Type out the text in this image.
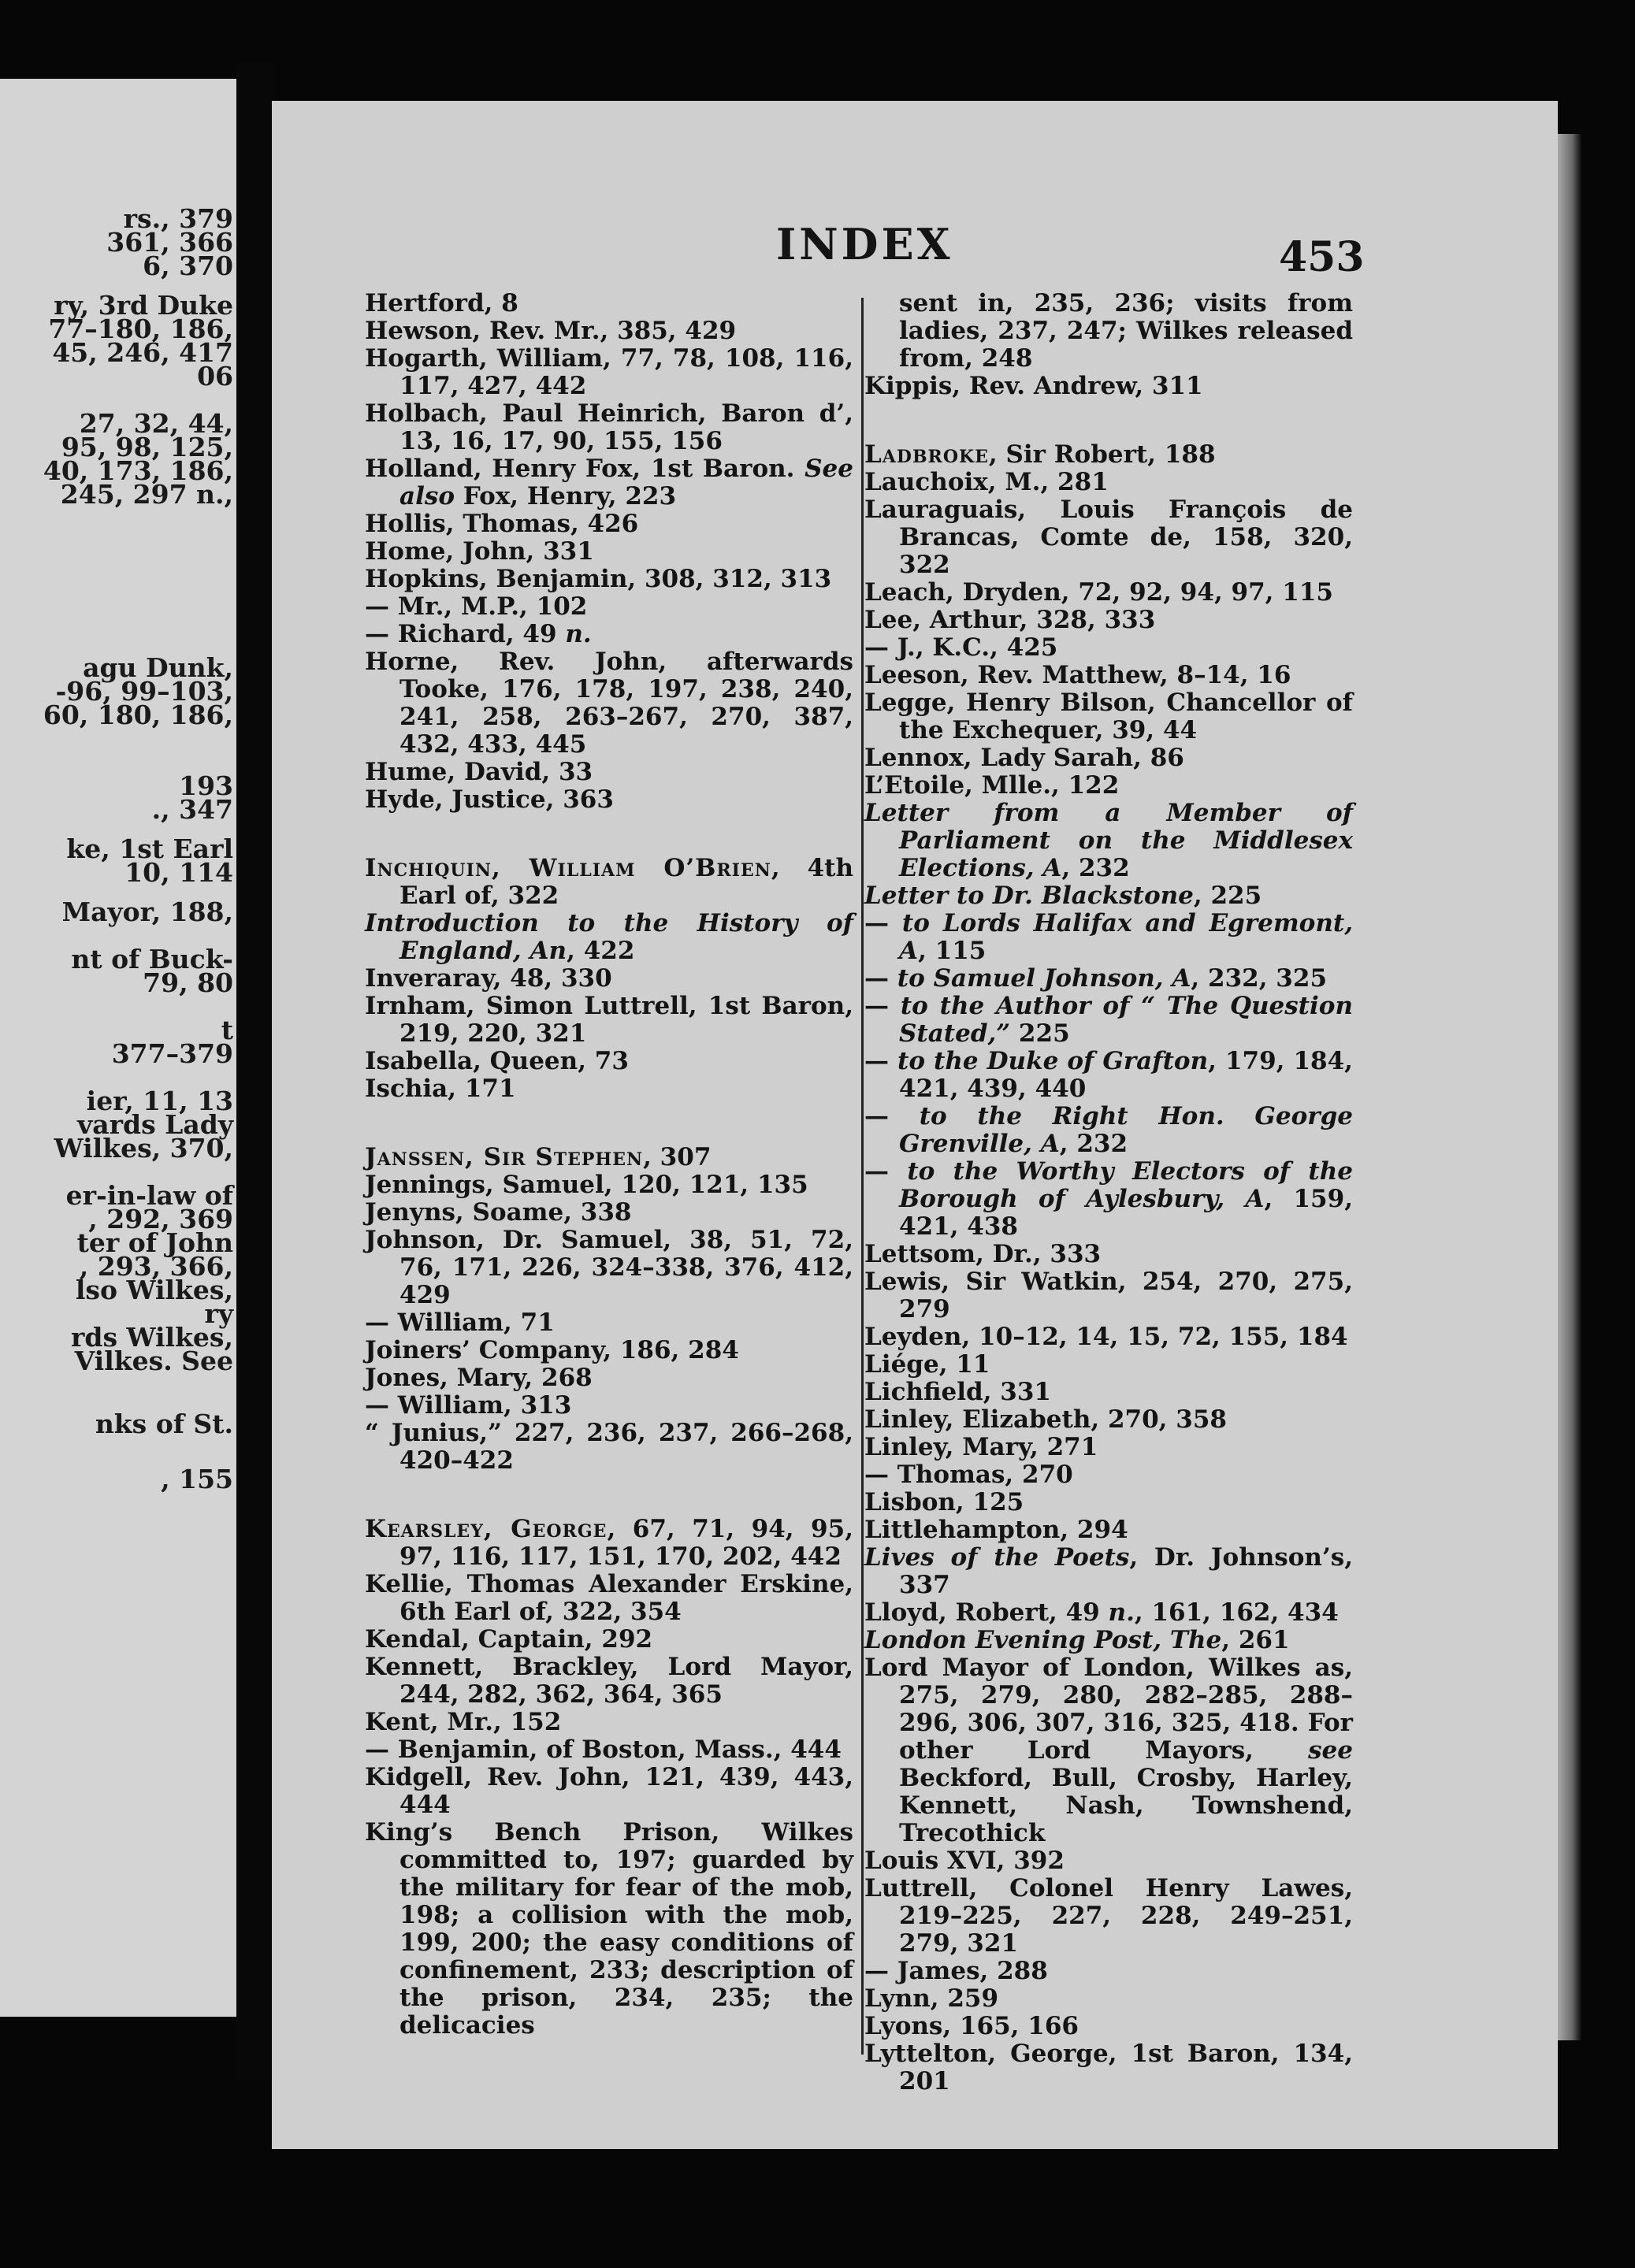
rs., 379
361, 366
6, 370
ry, 3rd Duke
77–180, 186,
45, 246, 417
06
27, 32, 44,
95, 98, 125,
40, 173, 186,
245, 297 n.,
agu Dunk,
-96, 99–103,
60, 180, 186,
193
., 347
ke, 1st Earl
10, 114
Mayor, 188,
nt of Buck-
79, 80
t
377–379
ier, 11, 13
vards Lady
Wilkes, 370,
er-in-law of
, 292, 369
ter of John
, 293, 366,
lso Wilkes,
ry
rds Wilkes,
Vilkes. See
nks of St.
, 155
INDEX	453
Hertford, 8
Hewson, Rev. Mr., 385, 429
Hogarth, William, 77, 78, 108, 116, 117, 427, 442
Holbach, Paul Heinrich, Baron d’, 13, 16, 17, 90, 155, 156
Holland, Henry Fox, 1st Baron. See also Fox, Henry, 223
Hollis, Thomas, 426
Home, John, 331
Hopkins, Benjamin, 308, 312, 313
— Mr., M.P., 102
— Richard, 49 n.
Horne, Rev. John, afterwards Tooke, 176, 178, 197, 238, 240, 241, 258, 263–267, 270, 387, 432, 433, 445
Hume, David, 33
Hyde, Justice, 363
Inchiquin, William O’Brien, 4th Earl of, 322
Introduction to the History of England, An, 422
Inveraray, 48, 330
Irnham, Simon Luttrell, 1st Baron, 219, 220, 321
Isabella, Queen, 73
Ischia, 171
Janssen, Sir Stephen, 307
Jennings, Samuel, 120, 121, 135
Jenyns, Soame, 338
Johnson, Dr. Samuel, 38, 51, 72, 76, 171, 226, 324–338, 376, 412, 429
— William, 71
Joiners’ Company, 186, 284
Jones, Mary, 268
— William, 313
“ Junius,” 227, 236, 237, 266–268, 420–422
Kearsley, George, 67, 71, 94, 95, 97, 116, 117, 151, 170, 202, 442
Kellie, Thomas Alexander Erskine, 6th Earl of, 322, 354
Kendal, Captain, 292
Kennett, Brackley, Lord Mayor, 244, 282, 362, 364, 365
Kent, Mr., 152
— Benjamin, of Boston, Mass., 444
Kidgell, Rev. John, 121, 439, 443, 444
King’s Bench Prison, Wilkes committed to, 197; guarded by the military for fear of the mob, 198; a collision with the mob, 199, 200; the easy conditions of confinement, 233; description of the prison, 234, 235; the delicacies
sent in, 235, 236; visits from ladies, 237, 247; Wilkes released from, 248
Kippis, Rev. Andrew, 311
Ladbroke, Sir Robert, 188
Lauchoix, M., 281
Lauraguais, Louis François de Brancas, Comte de, 158, 320, 322
Leach, Dryden, 72, 92, 94, 97, 115
Lee, Arthur, 328, 333
— J., K.C., 425
Leeson, Rev. Matthew, 8–14, 16
Legge, Henry Bilson, Chancellor of the Exchequer, 39, 44
Lennox, Lady Sarah, 86
L’Etoile, Mlle., 122
Letter from a Member of Parliament on the Middlesex Elections, A, 232
Letter to Dr. Blackstone, 225
— to Lords Halifax and Egremont, A, 115
— to Samuel Johnson, A, 232, 325
— to the Author of “ The Question Stated,” 225
— to the Duke of Grafton, 179, 184, 421, 439, 440
— to the Right Hon. George Grenville, A, 232
— to the Worthy Electors of the Borough of Aylesbury, A, 159, 421, 438
Lettsom, Dr., 333
Lewis, Sir Watkin, 254, 270, 275, 279
Leyden, 10–12, 14, 15, 72, 155, 184
Liége, 11
Lichfield, 331
Linley, Elizabeth, 270, 358
Linley, Mary, 271
— Thomas, 270
Lisbon, 125
Littlehampton, 294
Lives of the Poets, Dr. Johnson’s, 337
Lloyd, Robert, 49 n., 161, 162, 434
London Evening Post, The, 261
Lord Mayor of London, Wilkes as, 275, 279, 280, 282–285, 288–296, 306, 307, 316, 325, 418. For other Lord Mayors, see Beckford, Bull, Crosby, Harley, Kennett, Nash, Townshend, Trecothick
Louis XVI, 392
Luttrell, Colonel Henry Lawes, 219–225, 227, 228, 249–251, 279, 321
— James, 288
Lynn, 259
Lyons, 165, 166
Lyttelton, George, 1st Baron, 134, 201
